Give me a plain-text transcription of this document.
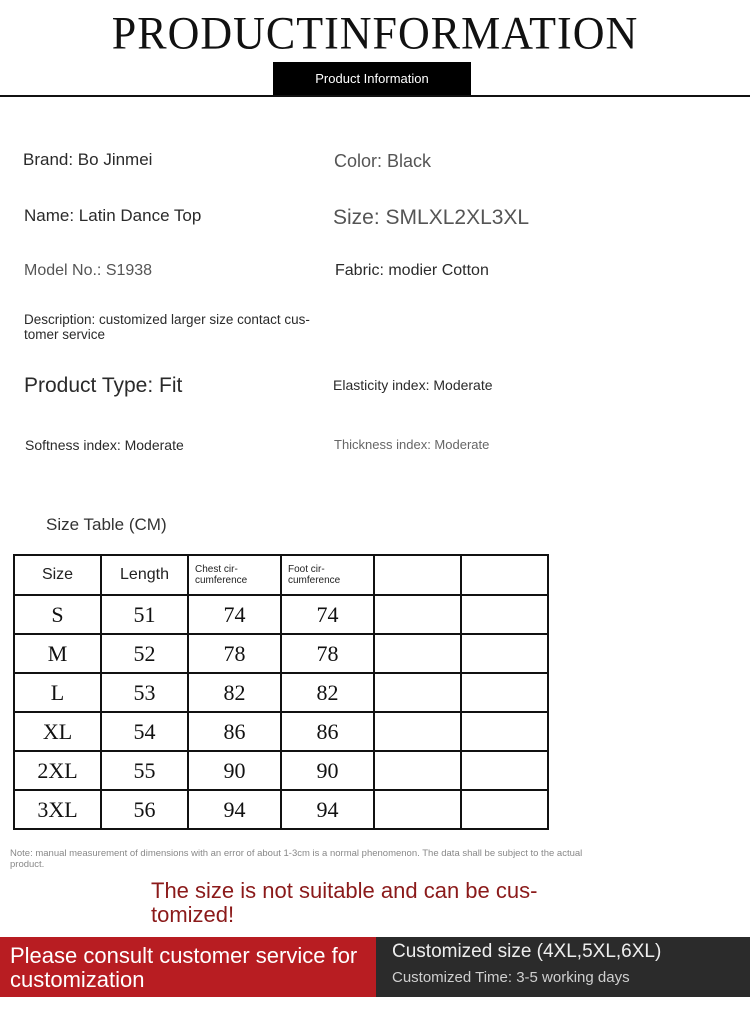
PRODUCTINFORMATION
Product Information
Brand: Bo Jinmei	Color: Black
Name: Latin Dance Top	Size: SMLXL2XL3XL
Model No.: S1938	Fabric: modier Cotton
Description: customized larger size contact cus- tomer service
Product Type: Fit	Elasticity index: Moderate
Softness index: Moderate	Thickness index: Moderate
Size Table (CM)
Size	Length	Chest cir- cumference	Foot cir- cumference		
S	51	74	74		
M	52	78	78		
L	53	82	82		
XL	54	86	86		
2XL	55	90	90		
3XL	56	94	94		
Note: manual measurement of dimensions with an error of about 1-3cm is a normal phenomenon. The data shall be subject to the actual product.
The size is not suitable and can be cus- tomized!
Please consult customer service for customization
Customized size (4XL,5XL,6XL)
Customized Time: 3-5 working days
